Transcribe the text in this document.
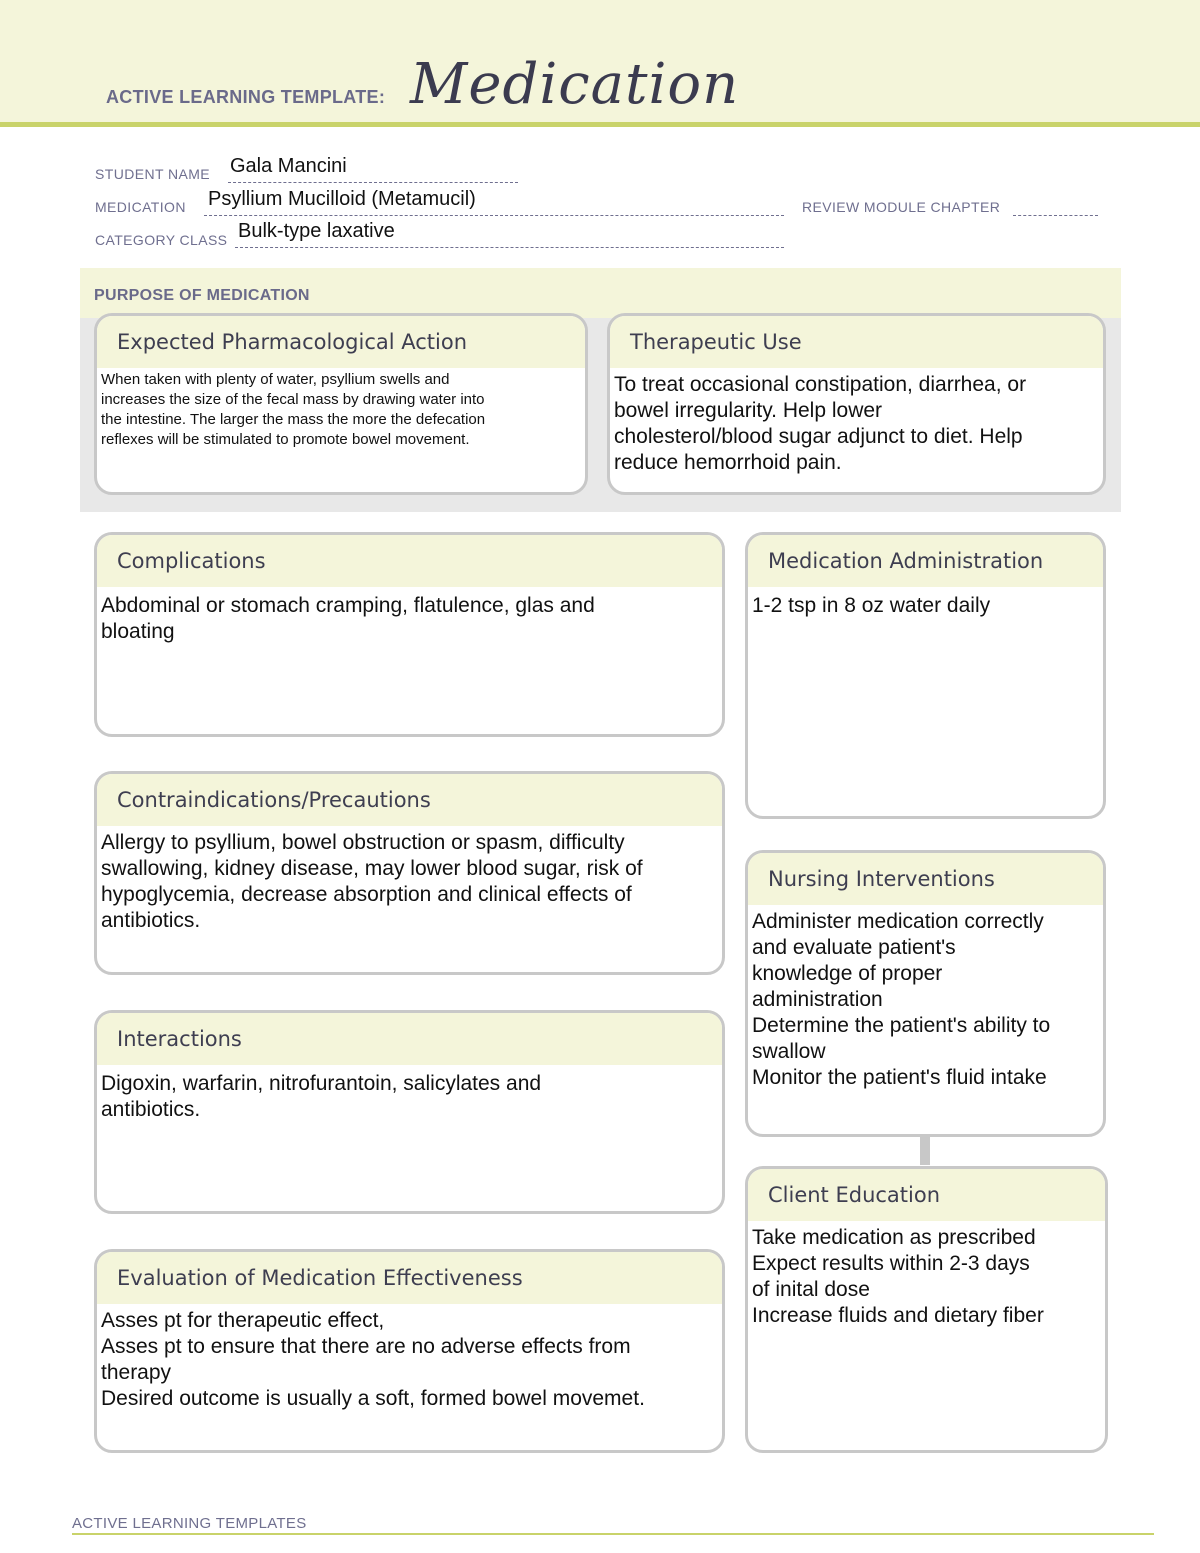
ACTIVE LEARNING TEMPLATE: Medication
STUDENT NAME Gala Mancini
MEDICATION Psyllium Mucilloid (Metamucil)	REVIEW MODULE CHAPTER
CATEGORY CLASS Bulk-type laxative
PURPOSE OF MEDICATION
Expected Pharmacological Action
When taken with plenty of water, psyllium swells and
increases the size of the fecal mass by drawing water into
the intestine. The larger the mass the more the defecation
reflexes will be stimulated to promote bowel movement.
Therapeutic Use
To treat occasional constipation, diarrhea, or
bowel irregularity. Help lower
cholesterol/blood sugar adjunct to diet. Help
reduce hemorrhoid pain.
Complications
Abdominal or stomach cramping, flatulence, glas and
bloating
Contraindications/Precautions
Allergy to psyllium, bowel obstruction or spasm, difficulty
swallowing, kidney disease, may lower blood sugar, risk of
hypoglycemia, decrease absorption and clinical effects of
antibiotics.
Interactions
Digoxin, warfarin, nitrofurantoin, salicylates and
antibiotics.
Evaluation of Medication Effectiveness
Asses pt for therapeutic effect,
Asses pt to ensure that there are no adverse effects from
therapy
Desired outcome is usually a soft, formed bowel movemet.
Medication Administration
1-2 tsp in 8 oz water daily
Nursing Interventions
Administer medication correctly
and evaluate patient's
knowledge of proper
administration
Determine the patient's ability to
swallow
Monitor the patient's fluid intake
Client Education
Take medication as prescribed
Expect results within 2-3 days
of inital dose
Increase fluids and dietary fiber
ACTIVE LEARNING TEMPLATES
